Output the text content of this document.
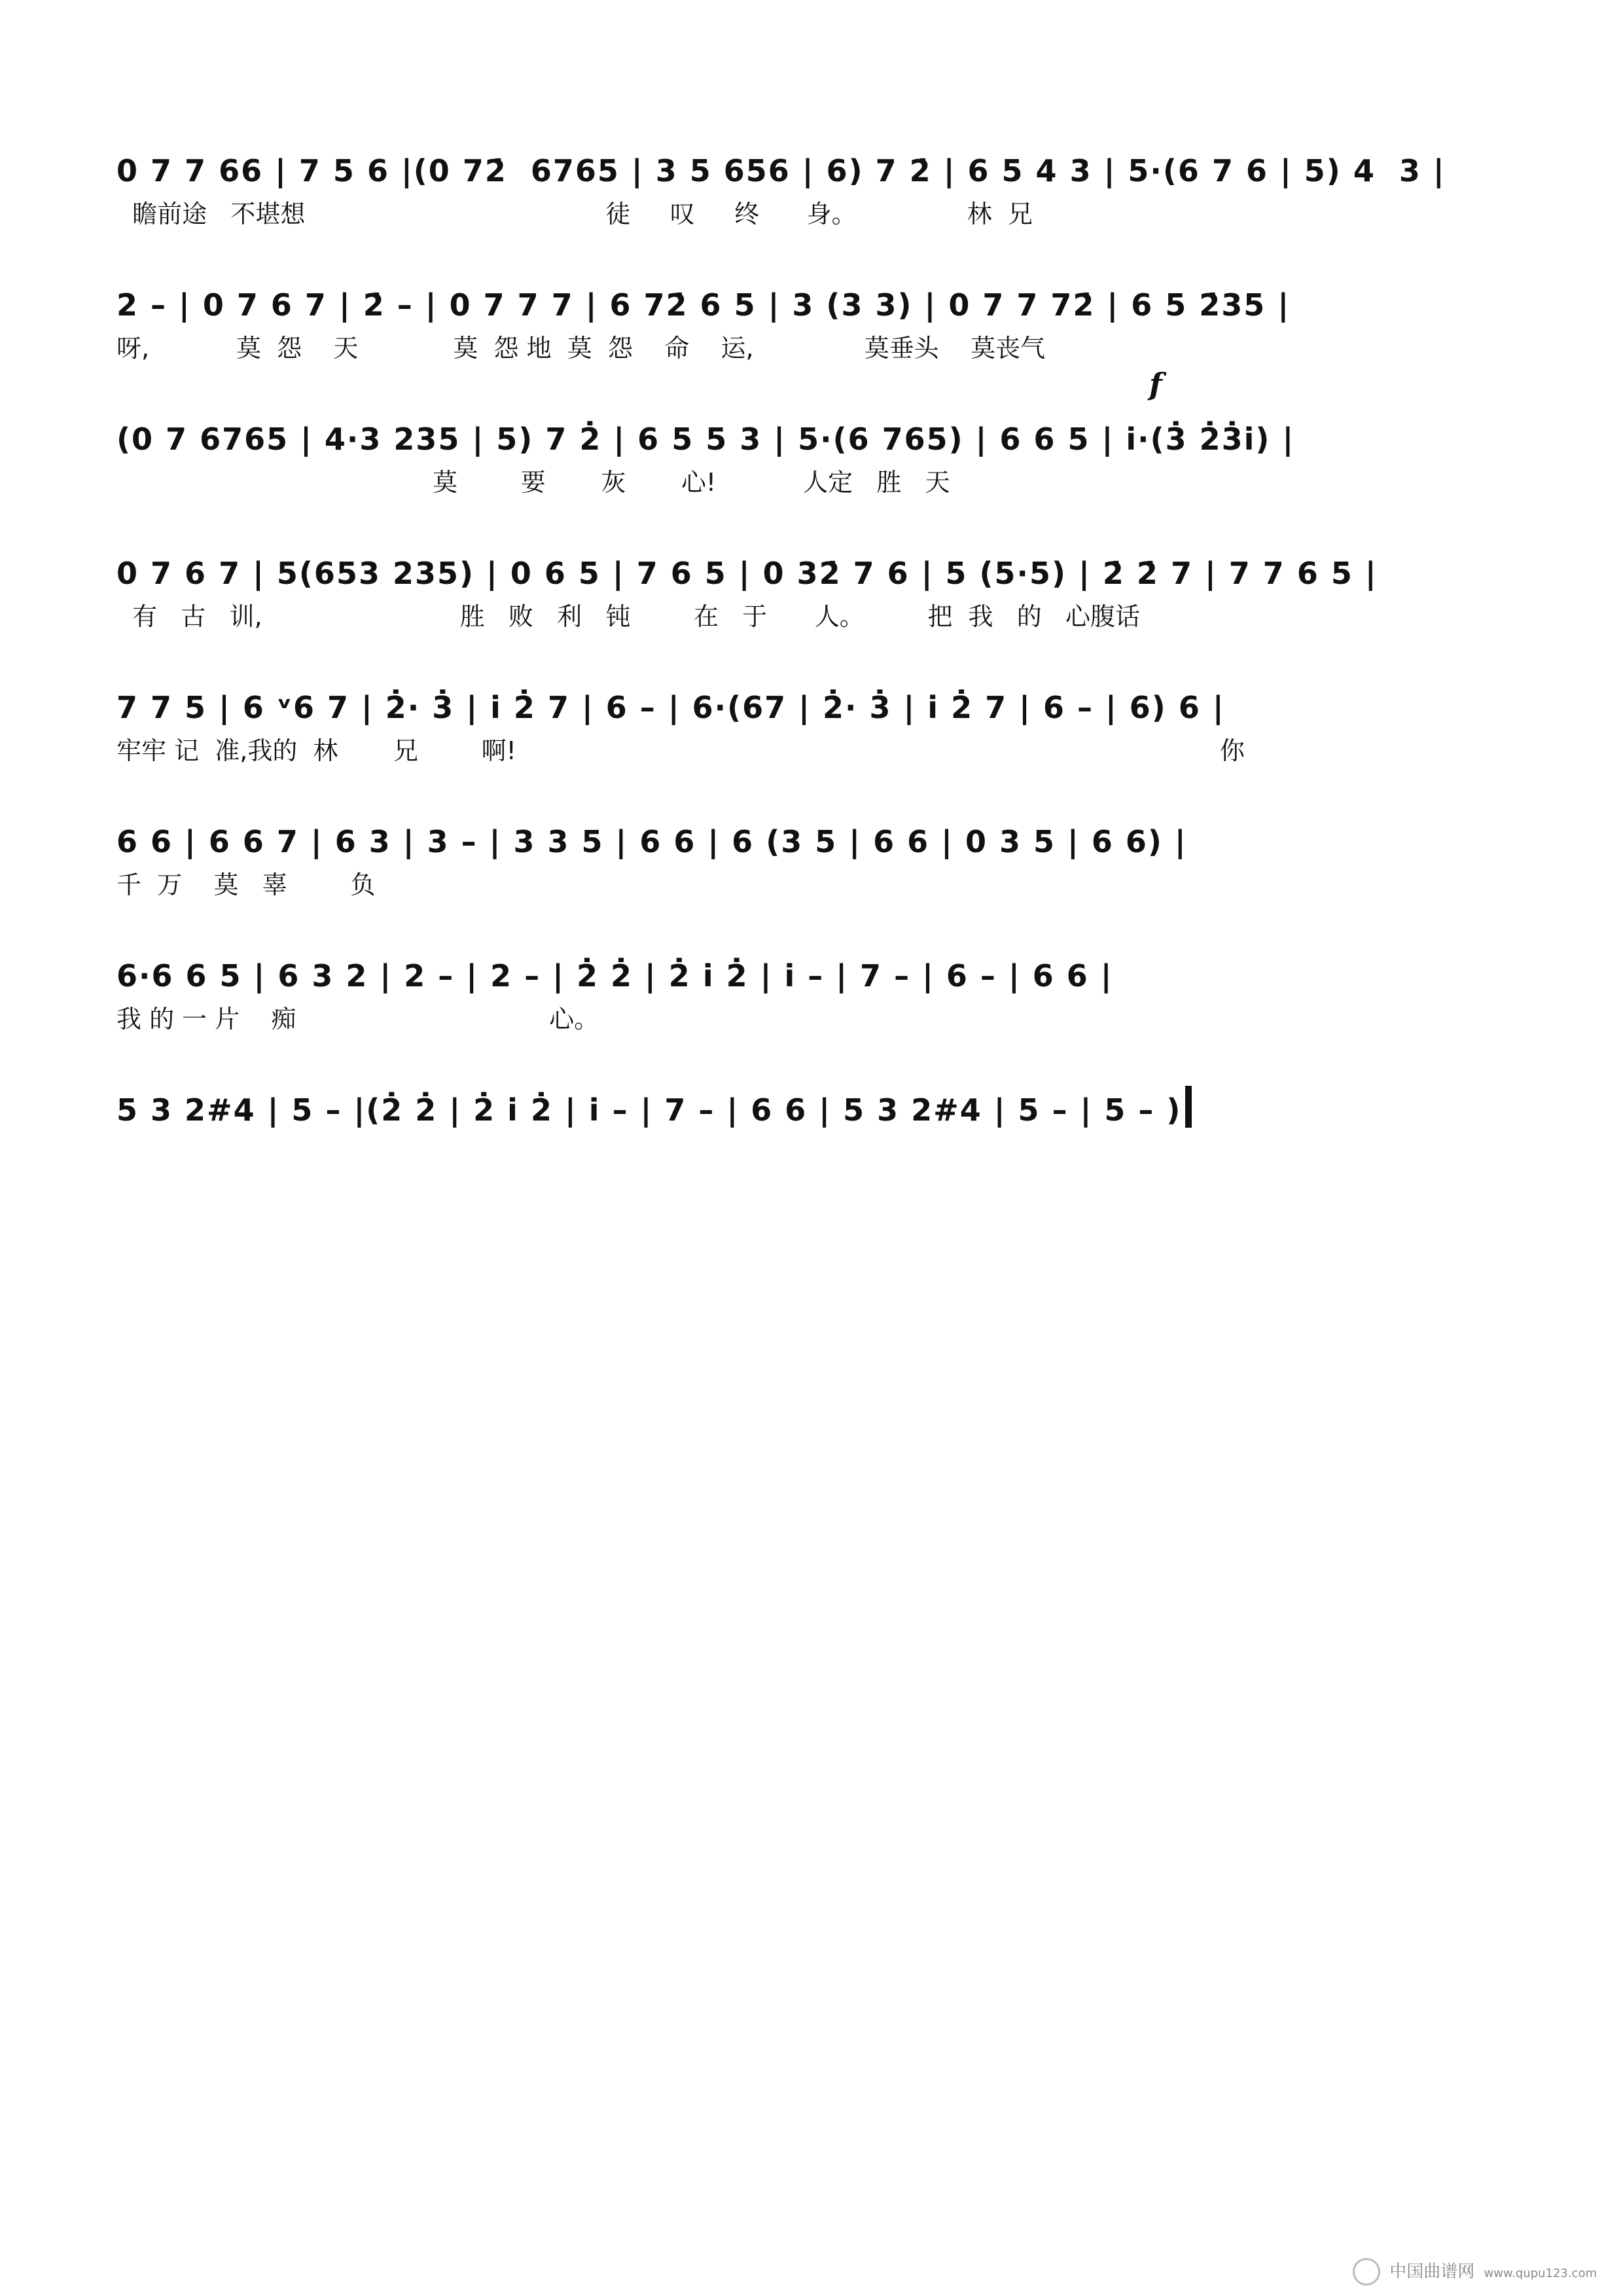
0 7 7 66 | 7 5 6 |(0 72̇  6765 | 3 5 656 | 6) 7 2̇ | 6 5 4 3 | 5·(6 7 6 | 5) 4  3 |
瞻前途   不堪想                                      徒     叹     终      身。              林  兄
2 – | 0 7 6 7 | 2̇ – | 0 7 7 7 | 6 72̇ 6 5 | 3 (3 3) | 0 7 7 72̇ | 6 5 2̇35 |
呀,           莫  怨    天            莫  怨 地  莫  怨    命    运,              莫垂头    莫丧气
f
(0 7 6765 | 4·3 235 | 5) 7 2̇ | 6 5 5 3 | 5·(6 765) | 6 6 5 | i·(3̇ 2̇3̇i) |
莫        要       灰       心!           人定   胜   天
0 7 6 7 | 5(653 235) | 0 6 5 | 7 6 5 | 0 32̇ 7 6 | 5 (5·5) | 2̇ 2̇ 7 | 7 7 6 5 |
有   古   训,                         胜   败   利   钝        在   于      人。        把  我   的   心腹话
7 7 5 | 6 ᵛ6 7 | 2̇· 3̇ | i 2̇ 7 | 6 – | 6·(67 | 2̇· 3̇ | i 2̇ 7 | 6 – | 6) 6 |
牢牢 记  准,我的  林       兄        啊!                                                                                         你
6 6 | 6 6 7 | 6 3 | 3 – | 3 3 5 | 6 6 | 6 (3 5 | 6 6 | 0 3 5 | 6 6) |
千  万    莫   辜        负
6·6 6 5 | 6 3 2 | 2 – | 2 – | 2̇ 2̇ | 2̇ i 2̇ | i – | 7 – | 6 – | 6 6 |
我 的 一 片    痴                                心。
5 3 2#4 | 5 – |(2̇ 2̇ | 2̇ i 2̇ | i – | 7 – | 6 6 | 5 3 2#4 | 5 – | 5 – )
中国曲谱网 www.qupu123.com
